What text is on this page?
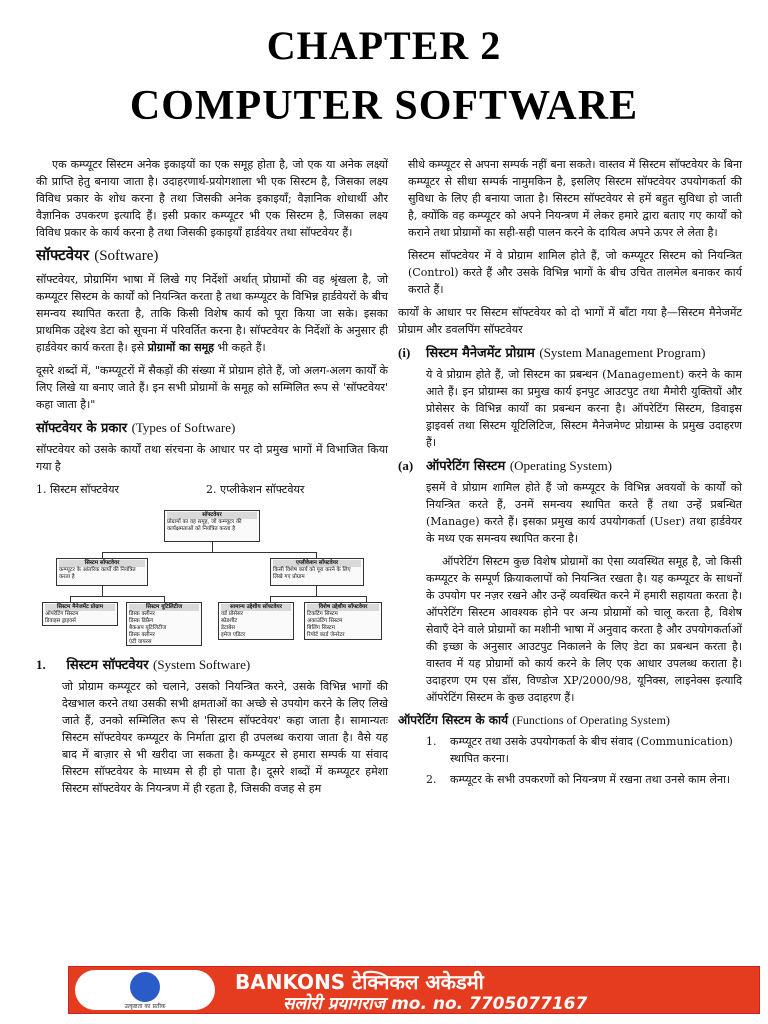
CHAPTER 2
COMPUTER SOFTWARE

एक कम्प्यूटर सिस्टम अनेक इकाइयों का एक समूह होता है, जो एक या अनेक लक्ष्यों की प्राप्ति हेतु बनाया जाता है। उदाहरणार्थ-प्रयोगशाला भी एक सिस्टम है, जिसका लक्ष्य विविध प्रकार के शोध करना है तथा जिसकी अनेक इकाइयाँ; वैज्ञानिक शोधार्थी और वैज्ञानिक उपकरण इत्यादि हैं। इसी प्रकार कम्प्यूटर भी एक सिस्टम है, जिसका लक्ष्य विविध प्रकार के कार्य करना है तथा जिसकी इकाइयाँ हार्डवेयर तथा सॉफ्टवेयर हैं।

सॉफ्टवेयर (Software)

सॉफ्टवेयर, प्रोग्रामिंग भाषा में लिखे गए निर्देशों अर्थात् प्रोग्रामों की वह श्रृंखला है, जो कम्प्यूटर सिस्टम के कार्यों को नियन्त्रित करता है तथा कम्प्यूटर के विभिन्न हार्डवेयरों के बीच समन्वय स्थापित करता है, ताकि किसी विशेष कार्य को पूरा किया जा सके। इसका प्राथमिक उद्देश्य डेटा को सूचना में परिवर्तित करना है। सॉफ्टवेयर के निर्देशों के अनुसार ही हार्डवेयर कार्य करता है। इसे प्रोग्रामों का समूह भी कहते हैं।

दूसरे शब्दों में, "कम्प्यूटरों में सैकड़ों की संख्या में प्रोग्राम होते हैं, जो अलग-अलग कार्यों के लिए लिखे या बनाए जाते हैं। इन सभी प्रोग्रामों के समूह को सम्मिलित रूप से 'सॉफ्टवेयर' कहा जाता है।"

सॉफ्टवेयर के प्रकार (Types of Software)

सॉफ्टवेयर को उसके कार्यों तथा संरचना के आधार पर दो प्रमुख भागों में विभाजित किया गया है

1. सिस्टम सॉफ्टवेयर	2. एप्लीकेशन सॉफ्टवेयर
सॉफ्टवेयर
प्रोग्रामों का वह समूह, जो कम्प्यूटर की कार्यक्षमताओं को नियंत्रित करता है
सिस्टम सॉफ्टवेयर
कम्प्यूटर के आंतरिक कार्यों की नियंत्रित करता है
एप्लीकेशन सॉफ्टवेयर
किसी विशेष कार्य को पूरा करने के लिए लिखे गए प्रोग्राम
सिस्टम मैनेजमेंट प्रोग्राम
ऑपरेटिंग सिस्टम
डिवाइस ड्राइवर्स
सिस्टम यूटिलिटीज
डिस्क क्लीनर
डिस्क डिफ्रैग
बैकअप यूटिलिटीज
डिस्क क्लीनर
एंटी वायरस
सामान्य उद्देशीय सॉफ्टवेयर
वर्ड प्रोसेसर
स्प्रेडशीट
डेटाबेस
इमेज एडिटर
विशेष उद्देशीय सॉफ्टवेयर
टिकटिंग सिस्टम
अकाउंटिंग सिस्टम
बिलिंग सिस्टम
रिपोर्ट कार्ड जेनरेटर
1. सिस्टम सॉफ्टवेयर (System Software)

जो प्रोग्राम कम्प्यूटर को चलाने, उसको नियन्त्रित करने, उसके विभिन्न भागों की देखभाल करने तथा उसकी सभी क्षमताओं का अच्छे से उपयोग करने के लिए लिखे जाते हैं, उनको सम्मिलित रूप से 'सिस्टम सॉफ्टवेयर' कहा जाता है। सामान्यतः सिस्टम सॉफ्टवेयर कम्प्यूटर के निर्माता द्वारा ही उपलब्ध कराया जाता है। वैसे यह बाद में बाज़ार से भी खरीदा जा सकता है। कम्प्यूटर से हमारा सम्पर्क या संवाद सिस्टम सॉफ्टवेयर के माध्यम से ही हो पाता है। दूसरे शब्दों में कम्प्यूटर हमेशा सिस्टम सॉफ्टवेयर के नियन्त्रण में ही रहता है, जिसकी वजह से हम

सीधे कम्प्यूटर से अपना सम्पर्क नहीं बना सकते। वास्तव में सिस्टम सॉफ्टवेयर के बिना कम्प्यूटर से सीधा सम्पर्क नामुमकिन है, इसलिए सिस्टम सॉफ्टवेयर उपयोगकर्ता की सुविधा के लिए ही बनाया जाता है। सिस्टम सॉफ्टवेयर से हमें बहुत सुविधा हो जाती है, क्योंकि वह कम्प्यूटर को अपने नियन्त्रण में लेकर हमारे द्वारा बताए गए कार्यों को कराने तथा प्रोग्रामों का सही-सही पालन करने के दायित्व अपने ऊपर ले लेता है।

सिस्टम सॉफ्टवेयर में वे प्रोग्राम शामिल होते हैं, जो कम्प्यूटर सिस्टम को नियन्त्रित (Control) करते हैं और उसके विभिन्न भागों के बीच उचित तालमेल बनाकर कार्य कराते हैं।

कार्यों के आधार पर सिस्टम सॉफ्टवेयर को दो भागों में बाँटा गया है—सिस्टम मैनेजमेंट प्रोग्राम और डवलपिंग सॉफ्टवेयर

(i)	सिस्टम मैनेजमेंट प्रोग्राम (System Management Program)

ये वे प्रोग्राम होते हैं, जो सिस्टम का प्रबन्धन (Management) करने के काम आते हैं। इन प्रोग्राम्स का प्रमुख कार्य इनपुट आउटपुट तथा मैमोरी युक्तियों और प्रोसेसर के विभिन्न कार्यों का प्रबन्धन करना है। ऑपरेटिंग सिस्टम, डिवाइस ड्राइवर्स तथा सिस्टम यूटिलिटिज, सिस्टम मैनेजमेण्ट प्रोग्राम्स के प्रमुख उदाहरण हैं।

(a) ऑपरेटिंग सिस्टम (Operating System)

इसमें वे प्रोग्राम शामिल होते हैं जो कम्प्यूटर के विभिन्न अवयवों के कार्यों को नियन्त्रित करते हैं, उनमें समन्वय स्थापित करते हैं तथा उन्हें प्रबन्धित (Manage) करते हैं। इसका प्रमुख कार्य उपयोगकर्ता (User) तथा हार्डवेयर के मध्य एक समन्वय स्थापित करना है।

ऑपरेटिंग सिस्टम कुछ विशेष प्रोग्रामों का ऐसा व्यवस्थित समूह है, जो किसी कम्प्यूटर के सम्पूर्ण क्रियाकलापों को नियन्त्रित रखता है। यह कम्प्यूटर के साधनों के उपयोग पर नज़र रखने और उन्हें व्यवस्थित करने में हमारी सहायता करता है। ऑपरेटिंग सिस्टम आवश्यक होने पर अन्य प्रोग्रामों को चालू करता है, विशेष सेवाएँ देने वाले प्रोग्रामों का मशीनी भाषा में अनुवाद करता है और उपयोगकर्ताओं की इच्छा के अनुसार आउटपुट निकालने के लिए डेटा का प्रबन्धन करता है। वास्तव में यह प्रोग्रामों को कार्य करने के लिए एक आधार उपलब्ध कराता है। उदाहरण एम एस डॉस, विण्डोज XP/2000/98, यूनिक्स, लाइनेक्स इत्यादि ऑपरेटिंग सिस्टम के कुछ उदाहरण हैं।

ऑपरेटिंग सिस्टम के कार्य (Functions of Operating System)
1.	कम्प्यूटर तथा उसके उपयोगकर्ता के बीच संवाद (Communication) स्थापित करना।
2.	कम्प्यूटर के सभी उपकरणों को नियन्त्रण में रखना तथा उनसे काम लेना।
उत्कृष्टता का प्रतीक
BANKONS टेक्निकल अकेडमी
सलोरी प्रयागराज mo. no. 7705077167
